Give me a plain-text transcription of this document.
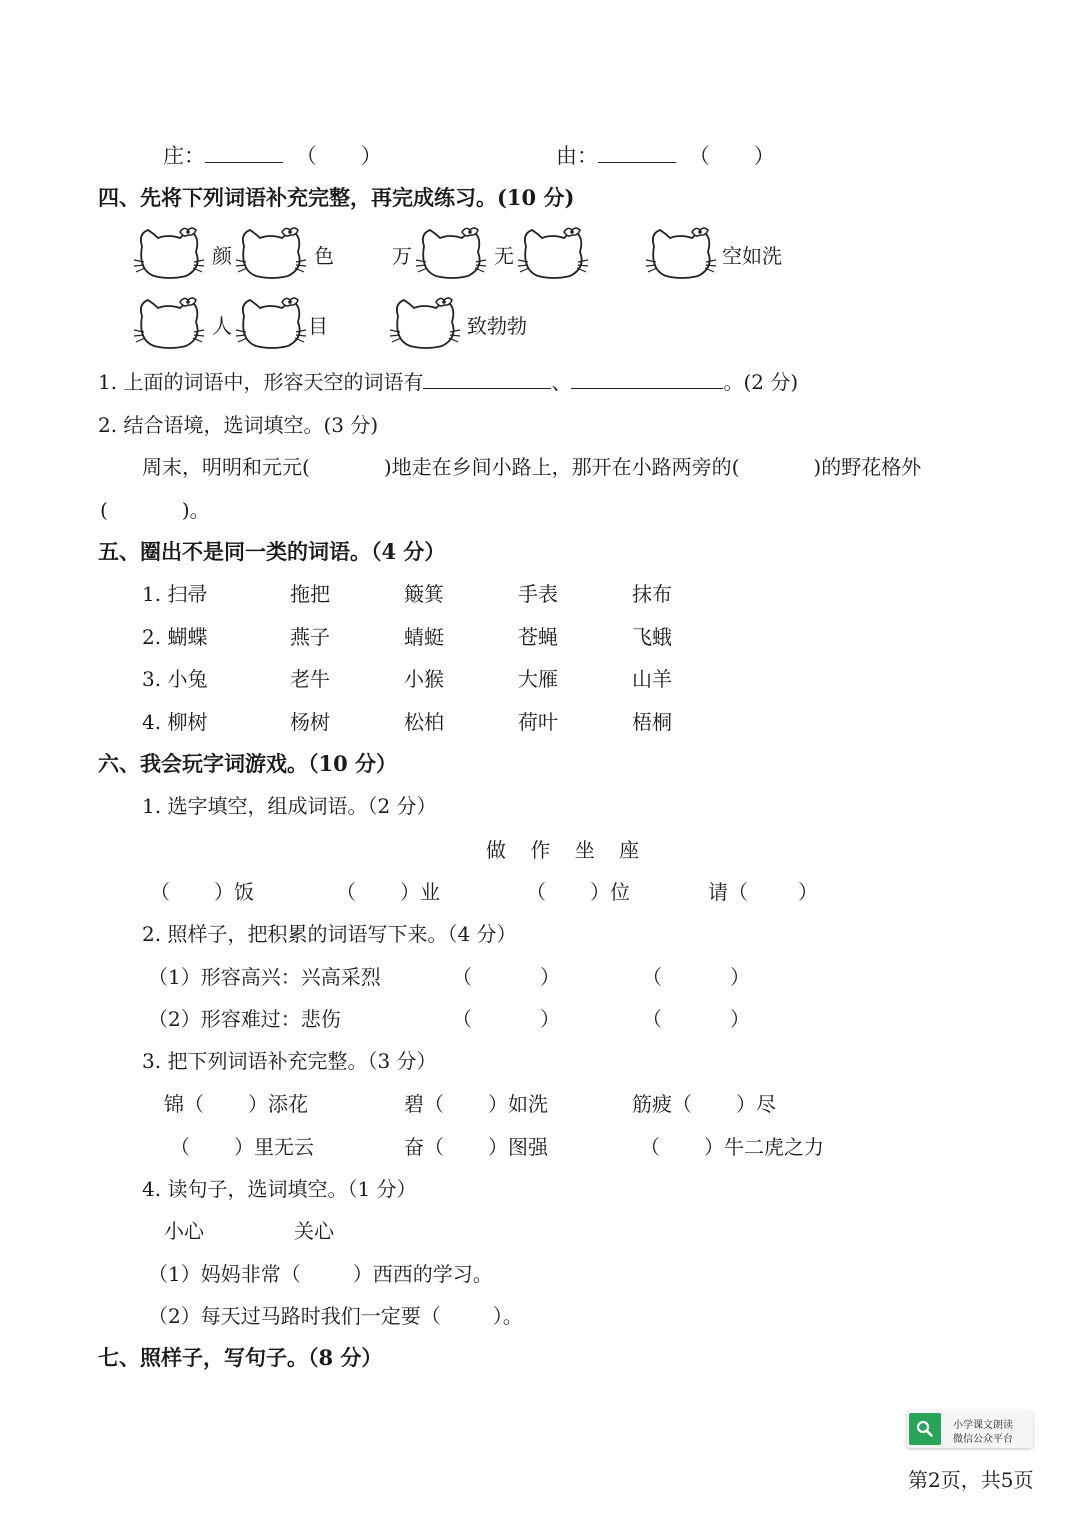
庄：	（ ）	由：	（ ）
四、先将下列词语补充完整，再完成练习。(10 分)
颜	色	万	无	空如洗
人	目	致勃勃
1. 上面的词语中，形容天空的词语有	、	。(2 分)
2. 结合语境，选词填空。(3 分)
周末，明明和元元(	)地走在乡间小路上，那开在小路两旁的(	)的野花格外
(	)。
五、圈出不是同一类的词语。（4 分）
1. 扫帚	拖把	簸箕	手表	抹布
2. 蝴蝶	燕子	蜻蜓	苍蝇	飞蛾
3. 小兔	老牛	小猴	大雁	山羊
4. 柳树	杨树	松柏	荷叶	梧桐
六、我会玩字词游戏。（10 分）
1. 选字填空，组成词语。（2 分）
做 作 坐 座
（ ）饭	（ ）业	（ ）位	请（	）
2. 照样子，把积累的词语写下来。（4 分）
（1）形容高兴：兴高采烈	（	）	（	）
（2）形容难过：悲伤	（	）	（	）
3. 把下列词语补充完整。（3 分）
锦（ ）添花	碧（ ）如洗	筋疲（ ）尽
（ ）里无云	奋（ ）图强	（ ）牛二虎之力
4. 读句子，选词填空。（1 分）
小心	关心
（1）妈妈非常（	）西西的学习。
（2）每天过马路时我们一定要（	）。
七、照样子，写句子。（8 分）
小学课文朗读
微信公众平台
第2页，共5页
